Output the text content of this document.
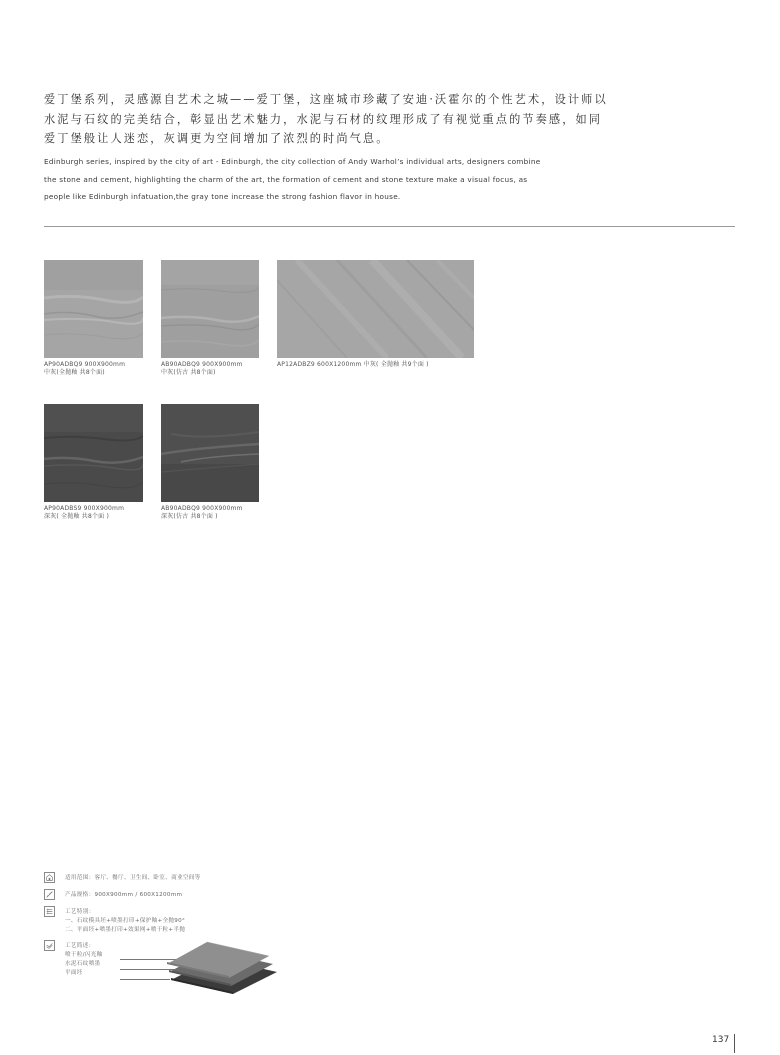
爱丁堡系列，灵感源自艺术之城——爱丁堡，这座城市珍藏了安迪·沃霍尔的个性艺术，设计师以
水泥与石纹的完美结合，彰显出艺术魅力，水泥与石材的纹理形成了有视觉重点的节奏感，如同
爱丁堡般让人迷恋，灰调更为空间增加了浓烈的时尚气息。
Edinburgh series, inspired by the city of art - Edinburgh, the city collection of Andy Warhol’s individual arts, designers combine
the stone and cement, highlighting the charm of the art, the formation of cement and stone texture make a visual focus, as
people like Edinburgh infatuation,the gray tone increase the strong fashion flavor in house.
AP90ADBQ9 900X900mm
中灰(全抛釉 共8个面)
AB90ADBQ9 900X900mm
中灰(仿古 共8个面)
AP12ADBZ9 600X1200mm 中灰( 全抛釉 共9个面 )
AP90ADBS9 900X900mm
深灰( 全抛釉 共8个面 )
AB90ADBQ9 900X900mm
深灰(仿古 共8个面 )
适用范围：客厅、餐厅、卫生间、卧室、商业空间等
产品规格：900X900mm / 600X1200mm
工艺特别：
一、石纹模具坯+喷墨打印+保护釉+全抛90°
二、平面坯+喷墨打印+效果网+喷干粒+半抛
工艺简述：
喷干粒/闪光釉
水泥石纹喷墨
平面坯
137
